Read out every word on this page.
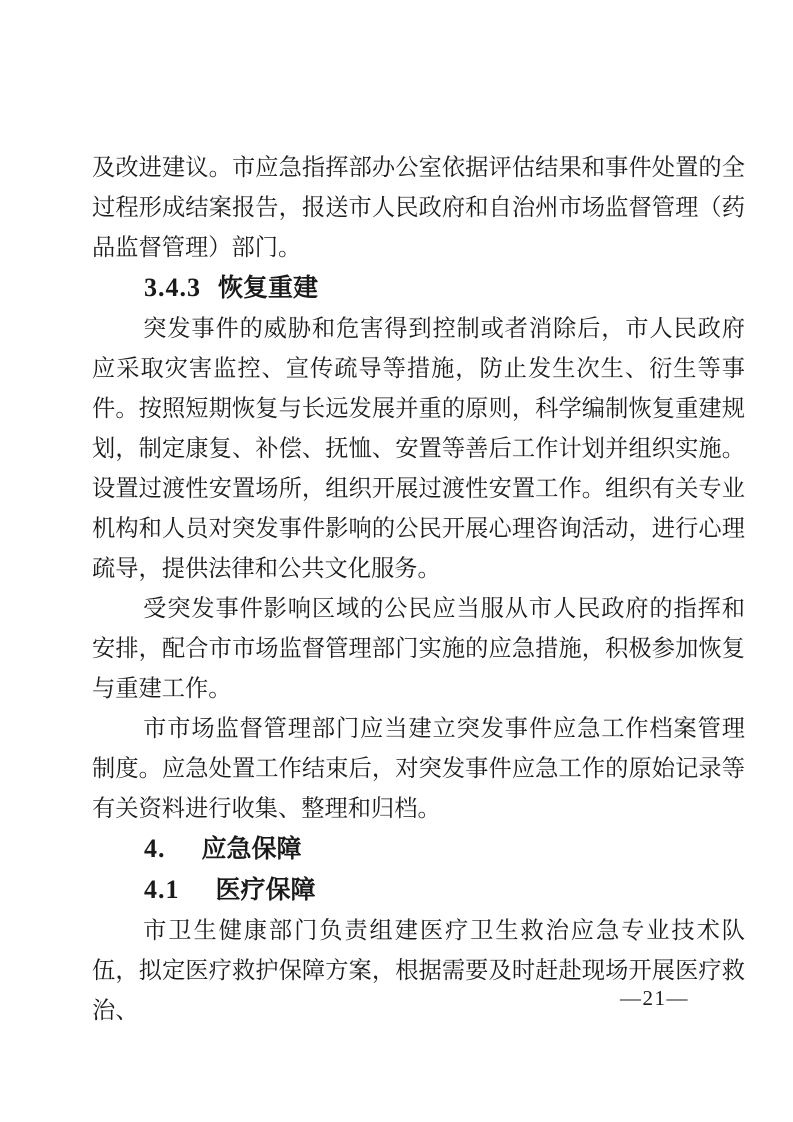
及改进建议。市应急指挥部办公室依据评估结果和事件处置的全过程形成结案报告，报送市人民政府和自治州市场监督管理（药品监督管理）部门。

3.4.3 恢复重建

突发事件的威胁和危害得到控制或者消除后，市人民政府应采取灾害监控、宣传疏导等措施，防止发生次生、衍生等事件。按照短期恢复与长远发展并重的原则，科学编制恢复重建规划，制定康复、补偿、抚恤、安置等善后工作计划并组织实施。设置过渡性安置场所，组织开展过渡性安置工作。组织有关专业机构和人员对突发事件影响的公民开展心理咨询活动，进行心理疏导，提供法律和公共文化服务。

受突发事件影响区域的公民应当服从市人民政府的指挥和安排，配合市市场监督管理部门实施的应急措施，积极参加恢复与重建工作。

市市场监督管理部门应当建立突发事件应急工作档案管理制度。应急处置工作结束后，对突发事件应急工作的原始记录等有关资料进行收集、整理和归档。

4. 应急保障
4.1 医疗保障

市卫生健康部门负责组建医疗卫生救治应急专业技术队伍，拟定医疗救护保障方案，根据需要及时赶赴现场开展医疗救治、	—21—
